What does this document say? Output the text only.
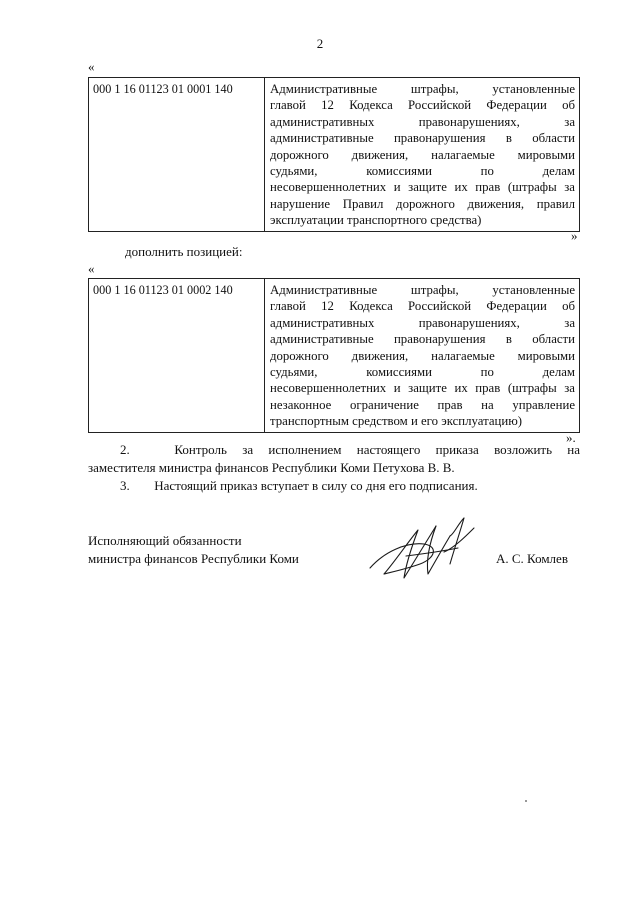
2
«
000 1 16 01123 01 0001 140	Административные штрафы, установленные
главой 12 Кодекса Российской Федерации об
административных правонарушениях, за
административные правонарушения в области
дорожного движения, налагаемые мировыми
судьями, комиссиями по делам
несовершеннолетних и защите их прав (штрафы за
нарушение Правил дорожного движения, правил
эксплуатации транспортного средства)
»
дополнить позицией:
«
000 1 16 01123 01 0002 140	Административные штрафы, установленные
главой 12 Кодекса Российской Федерации об
административных правонарушениях, за
административные правонарушения в области
дорожного движения, налагаемые мировыми
судьями, комиссиями по делам
несовершеннолетних и защите их прав (штрафы за
незаконное ограничение прав на управление
транспортным средством и его эксплуатацию)
».
2.	Контроль за исполнением настоящего приказа возложить на
заместителя министра финансов Республики Коми Петухова В. В.
3. Настоящий приказ вступает в силу со дня его подписания.
Исполняющий обязанности
министра финансов Республики Коми	А. С. Комлев
